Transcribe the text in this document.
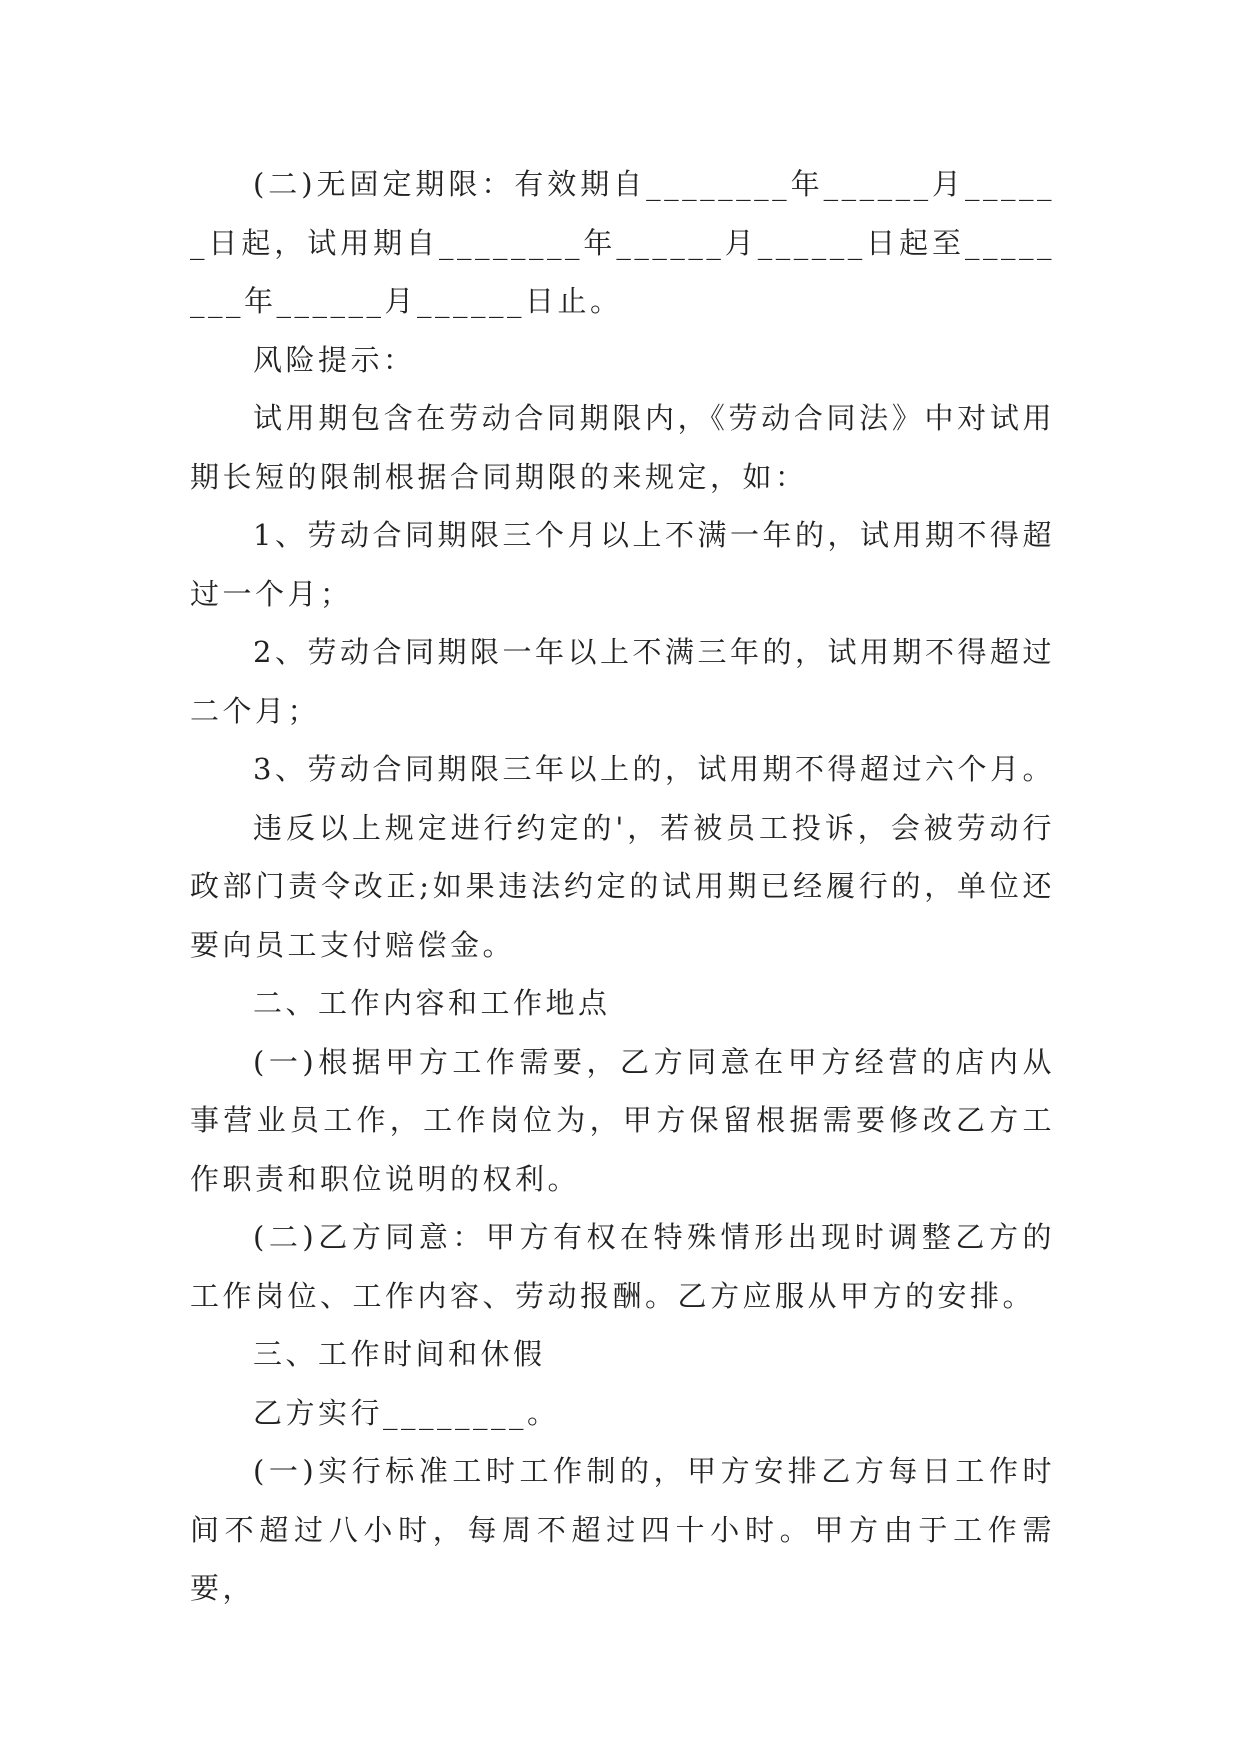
(二)无固定期限：有效期自________年______月______日起，试用期自________年______月______日起至________年______月______日止。

风险提示：

试用期包含在劳动合同期限内，《劳动合同法》中对试用期长短的限制根据合同期限的来规定，如：

1、劳动合同期限三个月以上不满一年的，试用期不得超过一个月；

2、劳动合同期限一年以上不满三年的，试用期不得超过二个月；

3、劳动合同期限三年以上的，试用期不得超过六个月。

违反以上规定进行约定的'，若被员工投诉，会被劳动行政部门责令改正;如果违法约定的试用期已经履行的，单位还要向员工支付赔偿金。

二、工作内容和工作地点

(一)根据甲方工作需要，乙方同意在甲方经营的店内从事营业员工作，工作岗位为，甲方保留根据需要修改乙方工作职责和职位说明的权利。

(二)乙方同意：甲方有权在特殊情形出现时调整乙方的工作岗位、工作内容、劳动报酬。乙方应服从甲方的安排。

三、工作时间和休假

乙方实行________。

(一)实行标准工时工作制的，甲方安排乙方每日工作时间不超过八小时，每周不超过四十小时。甲方由于工作需要，
